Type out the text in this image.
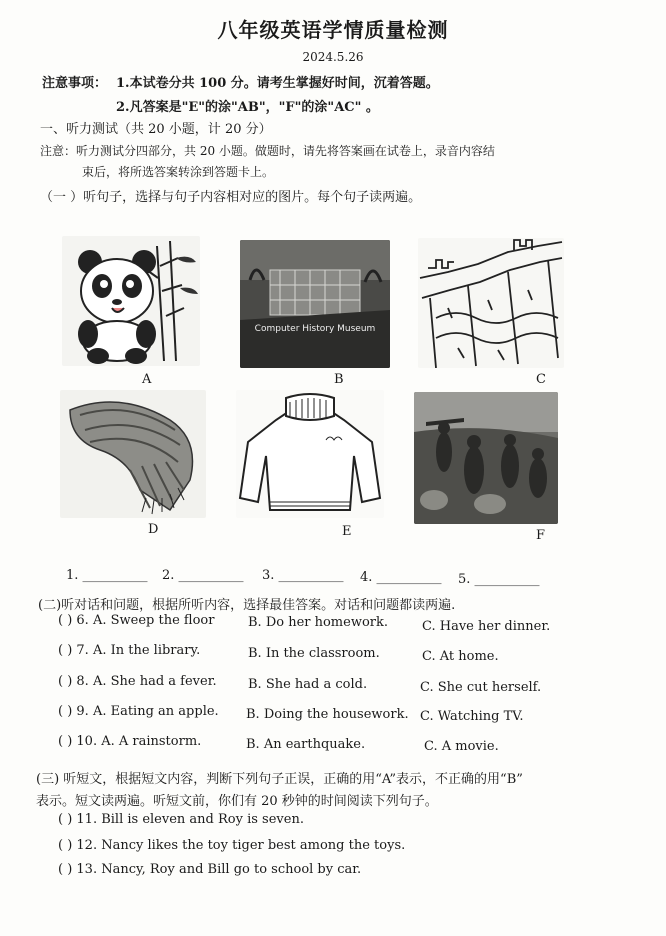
八年级英语学情质量检测
2024.5.26
注意事项： 1.本试卷分共 100 分。请考生掌握好时间，沉着答题。
2.凡答案是"E"的涂"AB"，"F"的涂"AC" 。
一、听力测试（共 20 小题，计 20 分）
注意：听力测试分四部分，共 20 小题。做题时，请先将答案画在试卷上，录音内容结
束后，将所选答案转涂到答题卡上。
（一 ）听句子，选择与句子内容相对应的图片。每个句子读两遍。
A
Computer History Museum
B	C
D	E	F
1. __________ 2. __________ 3. __________ 4. __________ 5. __________
(二)听对话和问题，根据所听内容，选择最佳答案。对话和问题都读两遍.
( ) 6. A. Sweep the floor	B. Do her homework.	C. Have her dinner.
( ) 7. A. In the library.	B. In the classroom.	C. At home.
( ) 8. A. She had a fever. B. She had a cold.	C. She cut herself.
( ) 9. A. Eating an apple. B. Doing the housework. C. Watching TV.
( ) 10. A. A rainstorm.	B. An earthquake.	C. A movie.
(三) 听短文，根据短文内容，判断下列句子正误，正确的用“A”表示，不正确的用“B”
表示。短文读两遍。听短文前，你们有 20 秒钟的时间阅读下列句子。
( ) 11. Bill is eleven and Roy is seven.
( ) 12. Nancy likes the toy tiger best among the toys.
( ) 13. Nancy, Roy and Bill go to school by car.
